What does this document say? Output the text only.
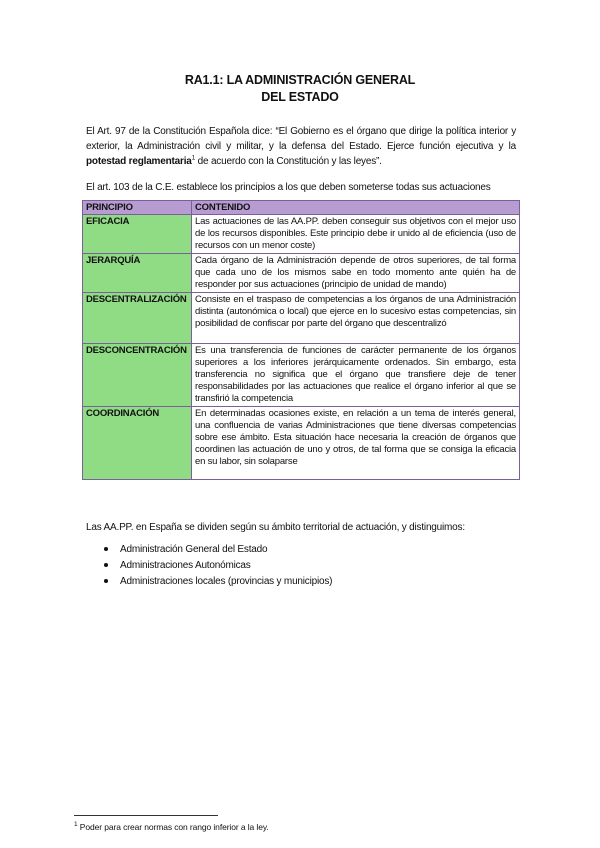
RA1.1: LA ADMINISTRACIÓN GENERAL
DEL ESTADO

El Art. 97 de la Constitución Española dice: “El Gobierno es el órgano que dirige la política interior y exterior, la Administración civil y militar, y la defensa del Estado. Ejerce función ejecutiva y la potestad reglamentaria$^1$ de acuerdo con la Constitución y las leyes”.

El art. 103 de la C.E. establece los principios a los que deben someterse todas sus actuaciones

PRINCIPIO	CONTENIDO
EFICACIA	Las actuaciones de las AA.PP. deben conseguir sus objetivos con el mejor uso de los recursos disponibles. Este principio debe ir unido al de eficiencia (uso de recursos con un menor coste)
JERARQUÍA	Cada órgano de la Administración depende de otros superiores, de tal forma que cada uno de los mismos sabe en todo momento ante quién ha de responder por sus actuaciones (principio de unidad de mando)
DESCENTRALIZACIÓN	Consiste en el traspaso de competencias a los órganos de una Administración distinta (autonómica o local) que ejerce en lo sucesivo estas competencias, sin posibilidad de confiscar por parte del órgano que descentralizó
DESCONCENTRACIÓN	Es una transferencia de funciones de carácter permanente de los órganos superiores a los inferiores jerárquicamente ordenados. Sin embargo, esta transferencia no significa que el órgano que transfiere deje de tener responsabilidades por las actuaciones que realice el órgano inferior al que se transfirió la competencia
COORDINACIÓN	En determinadas ocasiones existe, en relación a un tema de interés general, una confluencia de varias Administraciones que tiene diversas competencias sobre ese ámbito. Esta situación hace necesaria la creación de órganos que coordinen las actuación de uno y otros, de tal forma que se consiga la eficacia en su labor, sin solaparse

Las AA.PP. en España se dividen según su ámbito territorial de actuación, y distinguimos:

Administración General del Estado
Administraciones Autonómicas
Administraciones locales (provincias y municipios)
$^1$ Poder para crear normas con rango inferior a la ley.
